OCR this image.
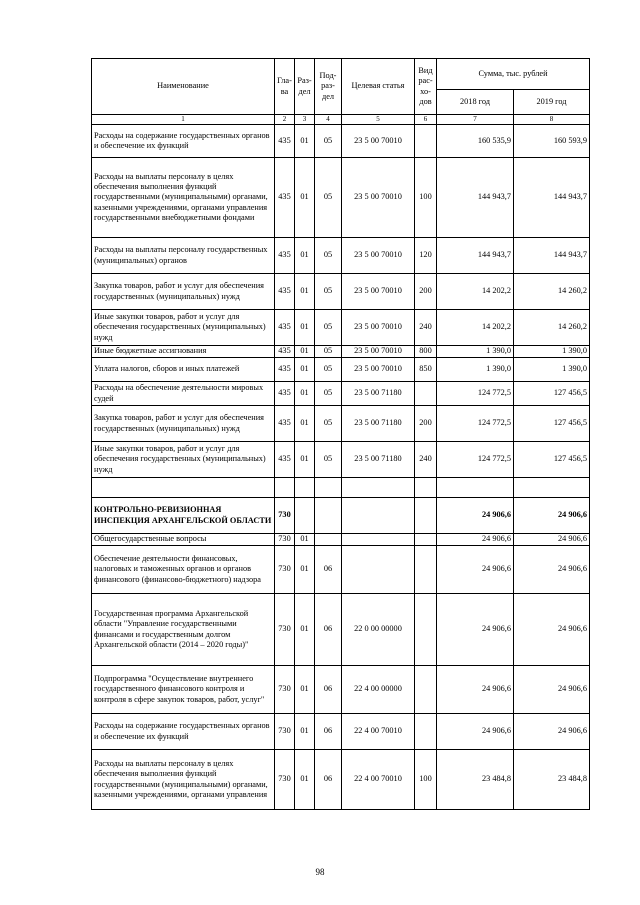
Наименование	Гла-ва	Раз-дел	Под-раз-дел	Целевая статья	Вид рас-хо-дов	Сумма, тыс. рублей	
						2018 год	2019 год
1	2	3	4	5	6	7	8
Расходы на содержание государственных органов и обеспечение их функций	435	01	05	23 5 00 70010		160 535,9	160 593,9
Расходы на выплаты персоналу в целях обеспечения выполнения функций государственными (муниципальными) органами, казенными учреждениями, органами управления государственными внебюджетными фондами	435	01	05	23 5 00 70010	100	144 943,7	144 943,7
Расходы на выплаты персоналу государственных (муниципальных) органов	435	01	05	23 5 00 70010	120	144 943,7	144 943,7
Закупка товаров, работ и услуг для обеспечения государственных (муниципальных) нужд	435	01	05	23 5 00 70010	200	14 202,2	14 260,2
Иные закупки товаров, работ и услуг для обеспечения государственных (муниципальных) нужд	435	01	05	23 5 00 70010	240	14 202,2	14 260,2
Иные бюджетные ассигнования	435	01	05	23 5 00 70010	800	1 390,0	1 390,0
Уплата налогов, сборов и иных платежей	435	01	05	23 5 00 70010	850	1 390,0	1 390,0
Расходы на обеспечение деятельности мировых судей	435	01	05	23 5 00 71180		124 772,5	127 456,5
Закупка товаров, работ и услуг для обеспечения государственных (муниципальных) нужд	435	01	05	23 5 00 71180	200	124 772,5	127 456,5
Иные закупки товаров, работ и услуг для обеспечения государственных (муниципальных) нужд	435	01	05	23 5 00 71180	240	124 772,5	127 456,5

КОНТРОЛЬНО-РЕВИЗИОННАЯ ИНСПЕКЦИЯ АРХАНГЕЛЬСКОЙ ОБЛАСТИ	730					24 906,6	24 906,6
Общегосударственные вопросы	730	01				24 906,6	24 906,6
Обеспечение деятельности финансовых, налоговых и таможенных органов и органов финансового (финансово-бюджетного) надзора	730	01	06			24 906,6	24 906,6
Государственная программа Архангельской области "Управление государственными финансами и государственным долгом Архангельской области (2014 – 2020 годы)"	730	01	06	22 0 00 00000		24 906,6	24 906,6
Подпрограмма "Осуществление внутреннего государственного финансового контроля и контроля в сфере закупок товаров, работ, услуг"	730	01	06	22 4 00 00000		24 906,6	24 906,6
Расходы на содержание государственных органов и обеспечение их функций	730	01	06	22 4 00 70010		24 906,6	24 906,6
Расходы на выплаты персоналу в целях обеспечения выполнения функций государственными (муниципальными) органами, казенными учреждениями, органами управления	730	01	06	22 4 00 70010	100	23 484,8	23 484,8
98
